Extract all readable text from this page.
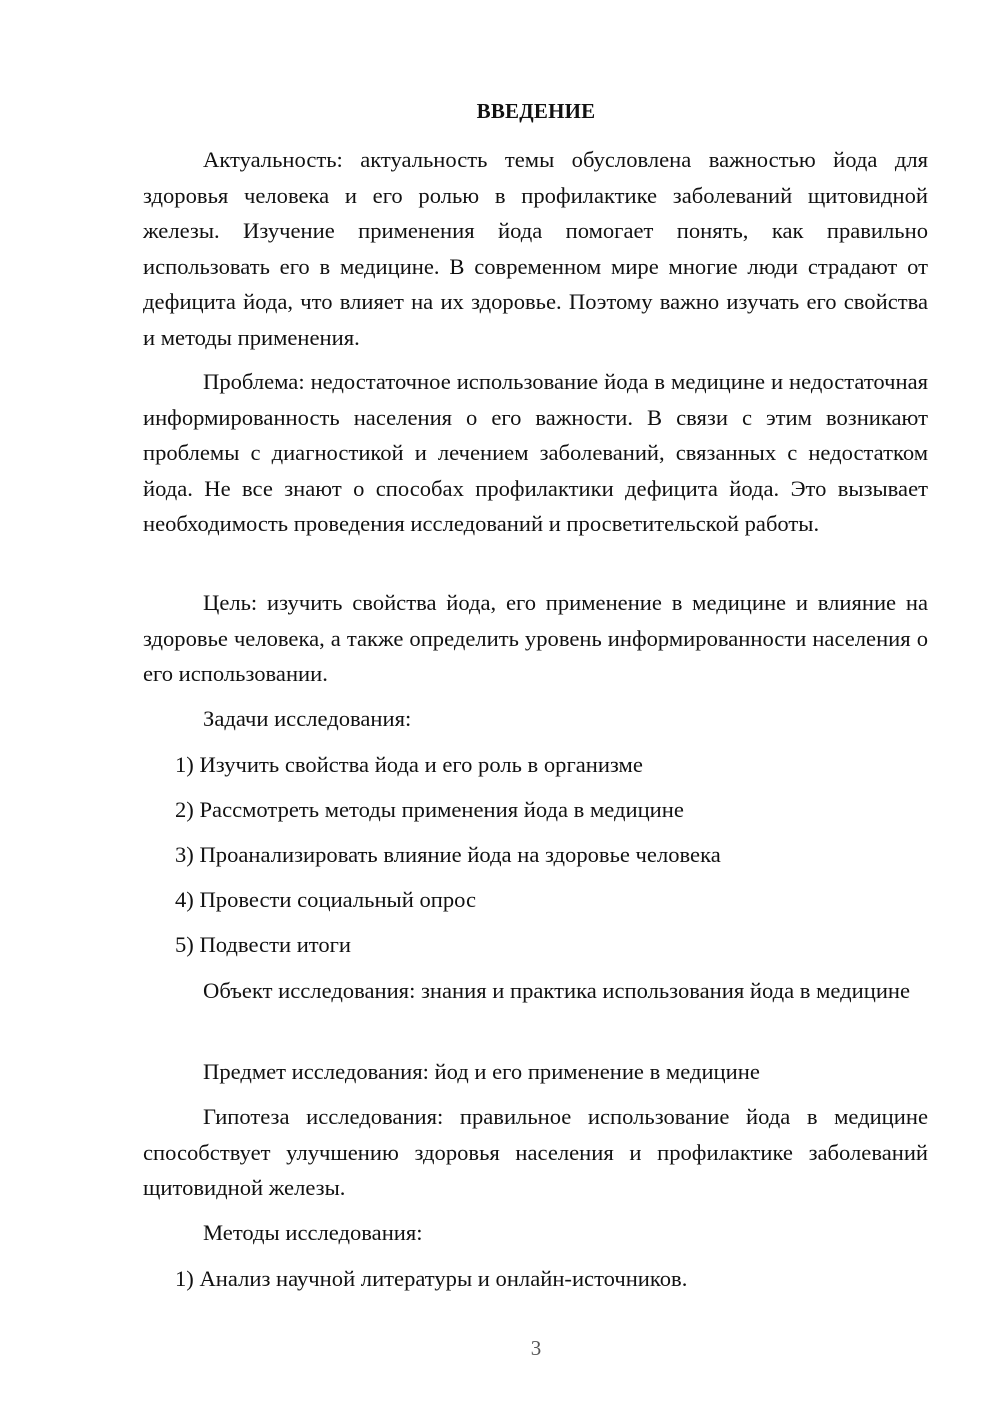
ВВЕДЕНИЕ

Актуальность: актуальность темы обусловлена важностью йода для здоровья человека и его ролью в профилактике заболеваний щитовидной железы. Изучение применения йода помогает понять, как правильно использовать его в медицине. В современном мире многие люди страдают от дефицита йода, что влияет на их здоровье. Поэтому важно изучать его свойства и методы применения.

Проблема: недостаточное использование йода в медицине и недостаточная информированность населения о его важности. В связи с этим возникают проблемы с диагностикой и лечением заболеваний, связанных с недостатком йода. Не все знают о способах профилактики дефицита йода. Это вызывает необходимость проведения исследований и просветительской работы.

Цель: изучить свойства йода, его применение в медицине и влияние на здоровье человека, а также определить уровень информированности населения о его использовании.

Задачи исследования:

1) Изучить свойства йода и его роль в организме

2) Рассмотреть методы применения йода в медицине

3) Проанализировать влияние йода на здоровье человека

4) Провести социальный опрос

5) Подвести итоги

Объект исследования: знания и практика использования йода в медицине

Предмет исследования: йод и его применение в медицине

Гипотеза исследования: правильное использование йода в медицине способствует улучшению здоровья населения и профилактике заболеваний щитовидной железы.

Методы исследования:

1) Анализ научной литературы и онлайн-источников.

3
